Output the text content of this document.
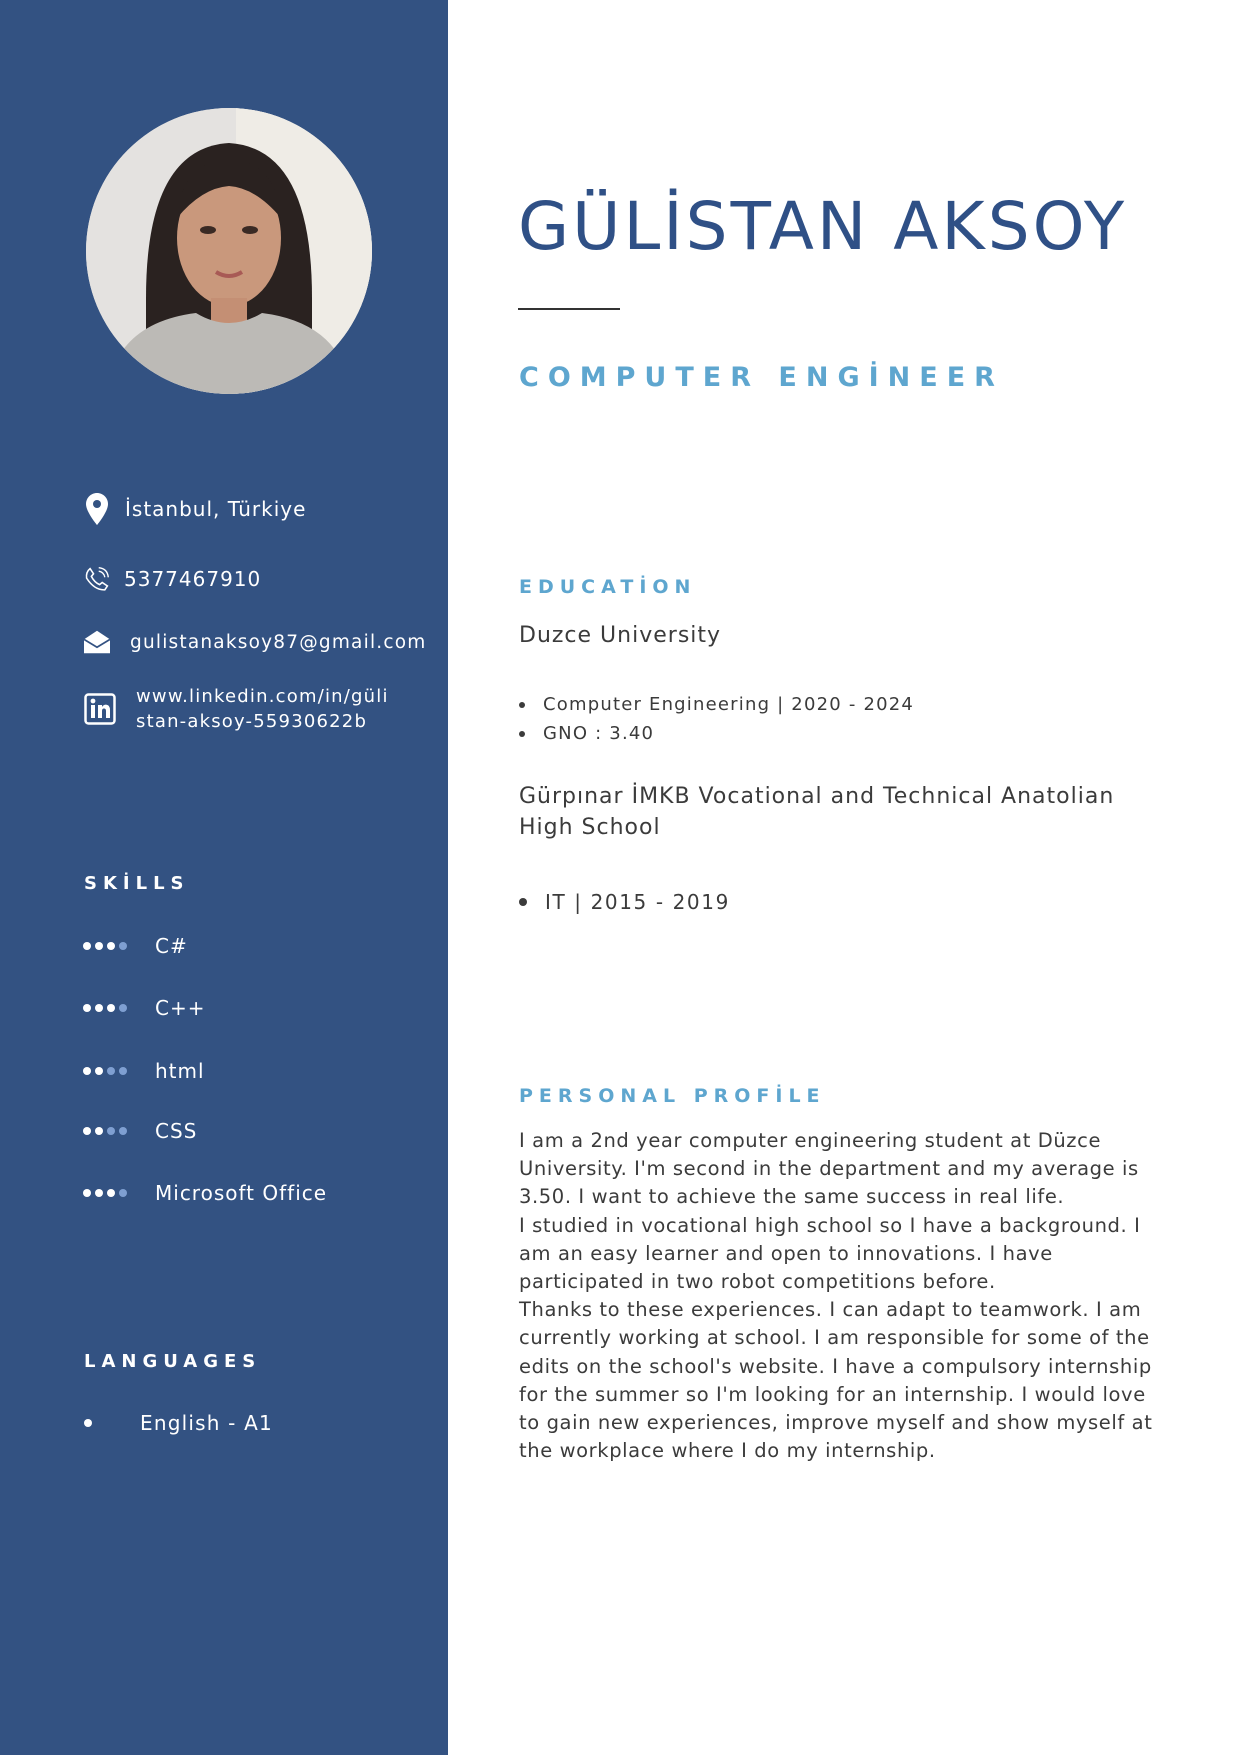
İstanbul, Türkiye
5377467910
gulistanaksoy87@gmail.com
www.linkedin.com/in/güli
stan-aksoy-55930622b
SKİLLS
C#
C++
html
CSS
Microsoft Office
LANGUAGES
English - A1
GÜLİSTAN AKSOY
COMPUTER ENGİNEER
EDUCATİON
Duzce University
Computer Engineering | 2020 - 2024
GNO : 3.40
Gürpınar İMKB Vocational and Technical Anatolian High School
IT | 2015 - 2019
PERSONAL PROFİLE

I am a 2nd year computer engineering student at Düzce University. I'm second in the department and my average is 3.50. I want to achieve the same success in real life.

I studied in vocational high school so I have a background. I am an easy learner and open to innovations. I have participated in two robot competitions before.

Thanks to these experiences. I can adapt to teamwork. I am currently working at school. I am responsible for some of the edits on the school's website. I have a compulsory internship for the summer so I'm looking for an internship. I would love to gain new experiences, improve myself and show myself at the workplace where I do my internship.
